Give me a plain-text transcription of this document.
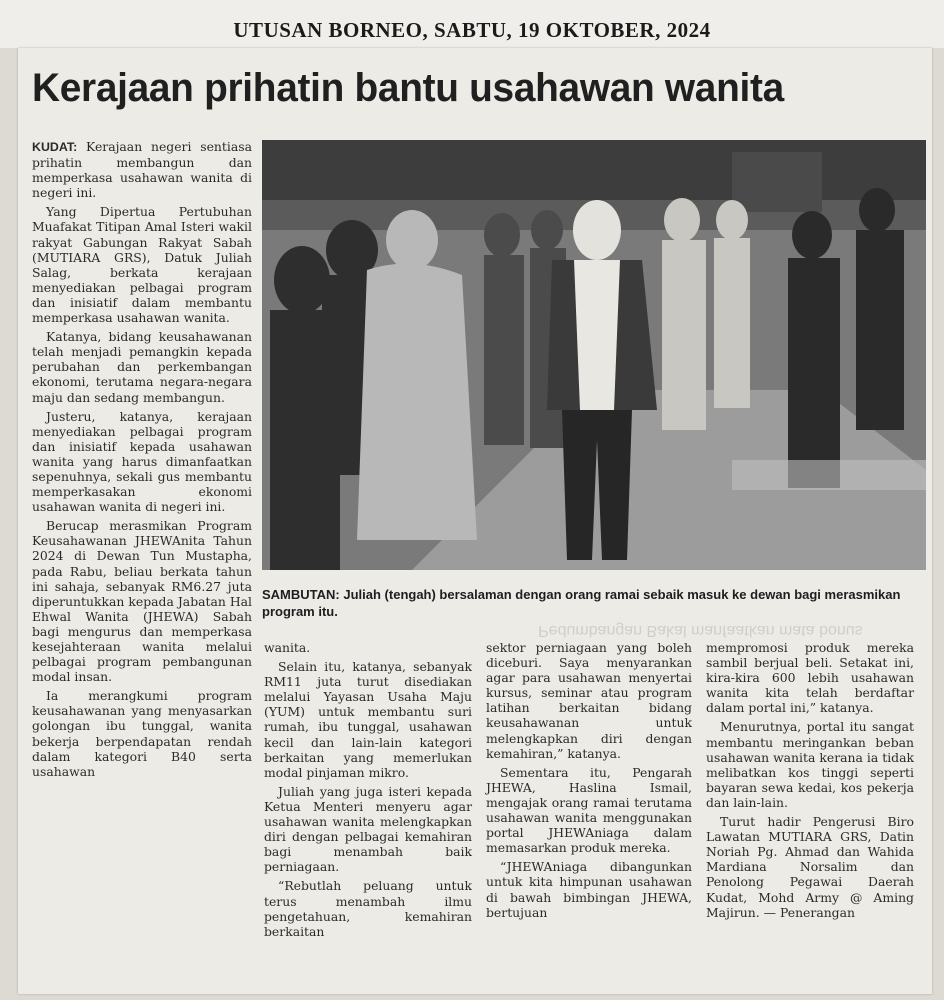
UTUSAN BORNEO, SABTU, 19 OKTOBER, 2024
Kerajaan prihatin bantu usahawan wanita

KUDAT: Kerajaan negeri sentiasa prihatin membangun dan memperkasa usahawan wanita di negeri ini.

Yang Dipertua Pertubuhan Muafakat Titipan Amal Isteri wakil rakyat Gabungan Rakyat Sabah (MUTIARA GRS), Datuk Juliah Salag, berkata kerajaan menyediakan pelbagai program dan inisiatif dalam membantu memperkasa usahawan wanita.

Katanya, bidang keusahawanan telah menjadi pemangkin kepada perubahan dan perkembangan ekonomi, terutama negara-negara maju dan sedang membangun.

Justeru, katanya, kerajaan menyediakan pelbagai program dan inisiatif kepada usahawan wanita yang harus dimanfaatkan sepenuhnya, sekali gus membantu memperkasakan ekonomi usahawan wanita di negeri ini.

Berucap merasmikan Program Keusahawanan JHEWAnita Tahun 2024 di Dewan Tun Mustapha, pada Rabu, beliau berkata tahun ini sahaja, sebanyak RM6.27 juta diperuntukkan kepada Jabatan Hal Ehwal Wanita (JHEWA) Sabah bagi mengurus dan memperkasa kesejahteraan wanita melalui pelbagai program pembangunan modal insan.

Ia merangkumi program keusahawanan yang menyasarkan golongan ibu tunggal, wanita bekerja berpendapatan rendah dalam kategori B40 serta usahawan

SAMBUTAN: Juliah (tengah) bersalaman dengan orang ramai sebaik masuk ke dewan bagi merasmikan program itu.
Pedumbangan Bakal manfaatkan mata bonus

wanita.

Selain itu, katanya, sebanyak RM11 juta turut disediakan melalui Yayasan Usaha Maju (YUM) untuk membantu suri rumah, ibu tunggal, usahawan kecil dan lain-lain kategori berkaitan yang memerlukan modal pinjaman mikro.

Juliah yang juga isteri kepada Ketua Menteri menyeru agar usahawan wanita melengkapkan diri dengan pelbagai kemahiran bagi menambah baik perniagaan.

“Rebutlah peluang untuk terus menambah ilmu pengetahuan, kemahiran berkaitan

sektor perniagaan yang boleh diceburi. Saya menyarankan agar para usahawan menyertai kursus, seminar atau program latihan berkaitan bidang keusahawanan untuk melengkapkan diri dengan kemahiran,” katanya.

Sementara itu, Pengarah JHEWA, Haslina Ismail, mengajak orang ramai terutama usahawan wanita menggunakan portal JHEWAniaga dalam memasarkan produk mereka.

“JHEWAniaga dibangunkan untuk kita himpunan usahawan di bawah bimbingan JHEWA, bertujuan

mempromosi produk mereka sambil berjual beli. Setakat ini, kira-kira 600 lebih usahawan wanita kita telah berdaftar dalam portal ini,” katanya.

Menurutnya, portal itu sangat membantu meringankan beban usahawan wanita kerana ia tidak melibatkan kos tinggi seperti bayaran sewa kedai, kos pekerja dan lain-lain.

Turut hadir Pengerusi Biro Lawatan MUTIARA GRS, Datin Noriah Pg. Ahmad dan Wahida Mardiana Norsalim dan Penolong Pegawai Daerah Kudat, Mohd Army @ Aming Majirun. — Penerangan
